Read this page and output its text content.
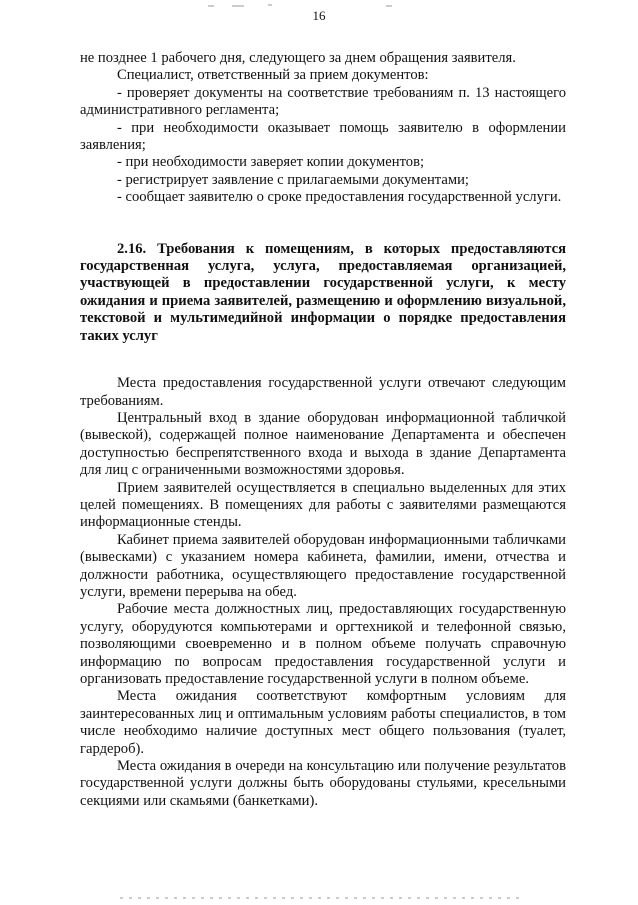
16

не позднее 1 рабочего дня, следующего за днем обращения заявителя.

Специалист, ответственный за прием документов:

- проверяет документы на соответствие требованиям п. 13 настоящего административного регламента;

- при необходимости оказывает помощь заявителю в оформлении заявления;

- при необходимости заверяет копии документов;

- регистрирует заявление с прилагаемыми документами;

- сообщает заявителю о сроке предоставления государственной услуги.

2.16. Требования к помещениям, в которых предоставляются государственная услуга, услуга, предоставляемая организацией, участвующей в предоставлении государственной услуги, к месту ожидания и приема заявителей, размещению и оформлению визуальной, текстовой и мультимедийной информации о порядке предоставления таких услуг

Места предоставления государственной услуги отвечают следующим требованиям.

Центральный вход в здание оборудован информационной табличкой (вывеской), содержащей полное наименование Департамента и обеспечен доступностью беспрепятственного входа и выхода в здание Департамента для лиц с ограниченными возможностями здоровья.

Прием заявителей осуществляется в специально выделенных для этих целей помещениях. В помещениях для работы с заявителями размещаются информационные стенды.

Кабинет приема заявителей оборудован информационными табличками (вывесками) с указанием номера кабинета, фамилии, имени, отчества и должности работника, осуществляющего предоставление государственной услуги, времени перерыва на обед.

Рабочие места должностных лиц, предоставляющих государственную услугу, оборудуются компьютерами и оргтехникой и телефонной связью, позволяющими своевременно и в полном объеме получать справочную информацию по вопросам предоставления государственной услуги и организовать предоставление государственной услуги в полном объеме.

Места ожидания соответствуют комфортным условиям для заинтересованных лиц и оптимальным условиям работы специалистов, в том числе необходимо наличие доступных мест общего пользования (туалет, гардероб).

Места ожидания в очереди на консультацию или получение результатов государственной услуги должны быть оборудованы стульями, кресельными секциями или скамьями (банкетками).
